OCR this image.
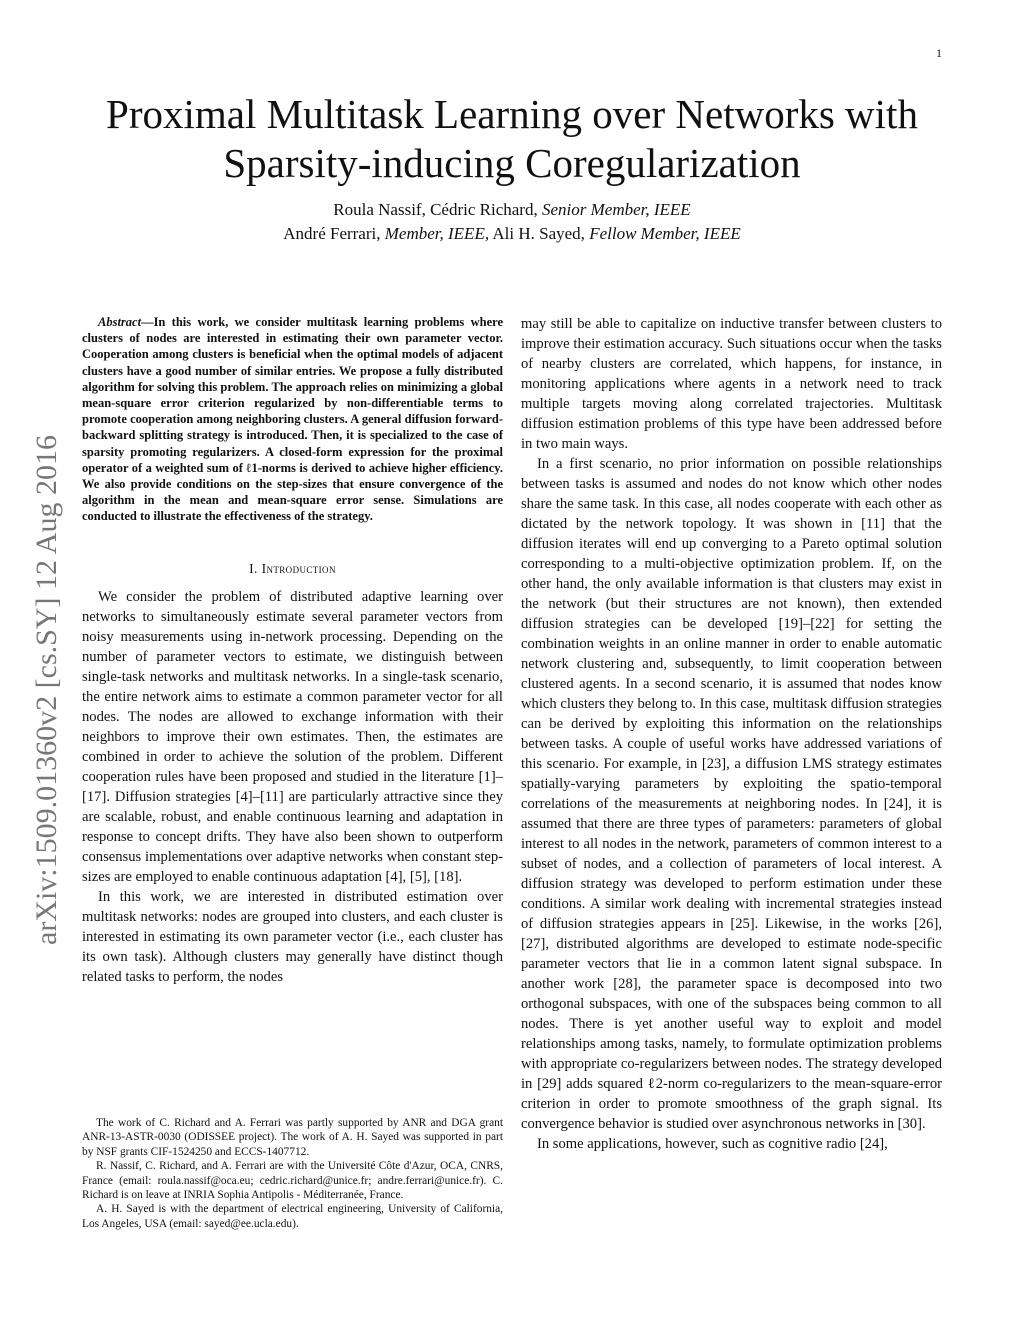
1
arXiv:1509.01360v2 [cs.SY] 12 Aug 2016
Proximal Multitask Learning over Networks with
Sparsity-inducing Coregularization
Roula Nassif, Cédric Richard, Senior Member, IEEE
André Ferrari, Member, IEEE, Ali H. Sayed, Fellow Member, IEEE

Abstract—In this work, we consider multitask learning problems where clusters of nodes are interested in estimating their own parameter vector. Cooperation among clusters is beneficial when the optimal models of adjacent clusters have a good number of similar entries. We propose a fully distributed algorithm for solving this problem. The approach relies on minimizing a global mean-square error criterion regularized by non-differentiable terms to promote cooperation among neighboring clusters. A general diffusion forward-backward splitting strategy is introduced. Then, it is specialized to the case of sparsity promoting regularizers. A closed-form expression for the proximal operator of a weighted sum of ℓ1-norms is derived to achieve higher efficiency. We also provide conditions on the step-sizes that ensure convergence of the algorithm in the mean and mean-square error sense. Simulations are conducted to illustrate the effectiveness of the strategy.

I. Introduction

We consider the problem of distributed adaptive learning over networks to simultaneously estimate several parameter vectors from noisy measurements using in-network processing. Depending on the number of parameter vectors to estimate, we distinguish between single-task networks and multitask networks. In a single-task scenario, the entire network aims to estimate a common parameter vector for all nodes. The nodes are allowed to exchange information with their neighbors to improve their own estimates. Then, the estimates are combined in order to achieve the solution of the problem. Different cooperation rules have been proposed and studied in the literature [1]–[17]. Diffusion strategies [4]–[11] are particularly attractive since they are scalable, robust, and enable continuous learning and adaptation in response to concept drifts. They have also been shown to outperform consensus implementations over adaptive networks when constant step-sizes are employed to enable continuous adaptation [4], [5], [18].

In this work, we are interested in distributed estimation over multitask networks: nodes are grouped into clusters, and each cluster is interested in estimating its own parameter vector (i.e., each cluster has its own task). Although clusters may generally have distinct though related tasks to perform, the nodes

The work of C. Richard and A. Ferrari was partly supported by ANR and DGA grant ANR-13-ASTR-0030 (ODISSEE project). The work of A. H. Sayed was supported in part by NSF grants CIF-1524250 and ECCS-1407712.

R. Nassif, C. Richard, and A. Ferrari are with the Université Côte d'Azur, OCA, CNRS, France (email: roula.nassif@oca.eu; cedric.richard@unice.fr; andre.ferrari@unice.fr). C. Richard is on leave at INRIA Sophia Antipolis - Méditerranée, France.

A. H. Sayed is with the department of electrical engineering, University of California, Los Angeles, USA (email: sayed@ee.ucla.edu).

may still be able to capitalize on inductive transfer between clusters to improve their estimation accuracy. Such situations occur when the tasks of nearby clusters are correlated, which happens, for instance, in monitoring applications where agents in a network need to track multiple targets moving along correlated trajectories. Multitask diffusion estimation problems of this type have been addressed before in two main ways.

In a first scenario, no prior information on possible relationships between tasks is assumed and nodes do not know which other nodes share the same task. In this case, all nodes cooperate with each other as dictated by the network topology. It was shown in [11] that the diffusion iterates will end up converging to a Pareto optimal solution corresponding to a multi-objective optimization problem. If, on the other hand, the only available information is that clusters may exist in the network (but their structures are not known), then extended diffusion strategies can be developed [19]–[22] for setting the combination weights in an online manner in order to enable automatic network clustering and, subsequently, to limit cooperation between clustered agents. In a second scenario, it is assumed that nodes know which clusters they belong to. In this case, multitask diffusion strategies can be derived by exploiting this information on the relationships between tasks. A couple of useful works have addressed variations of this scenario. For example, in [23], a diffusion LMS strategy estimates spatially-varying parameters by exploiting the spatio-temporal correlations of the measurements at neighboring nodes. In [24], it is assumed that there are three types of parameters: parameters of global interest to all nodes in the network, parameters of common interest to a subset of nodes, and a collection of parameters of local interest. A diffusion strategy was developed to perform estimation under these conditions. A similar work dealing with incremental strategies instead of diffusion strategies appears in [25]. Likewise, in the works [26], [27], distributed algorithms are developed to estimate node-specific parameter vectors that lie in a common latent signal subspace. In another work [28], the parameter space is decomposed into two orthogonal subspaces, with one of the subspaces being common to all nodes. There is yet another useful way to exploit and model relationships among tasks, namely, to formulate optimization problems with appropriate co-regularizers between nodes. The strategy developed in [29] adds squared ℓ2-norm co-regularizers to the mean-square-error criterion in order to promote smoothness of the graph signal. Its convergence behavior is studied over asynchronous networks in [30].

In some applications, however, such as cognitive radio [24],
